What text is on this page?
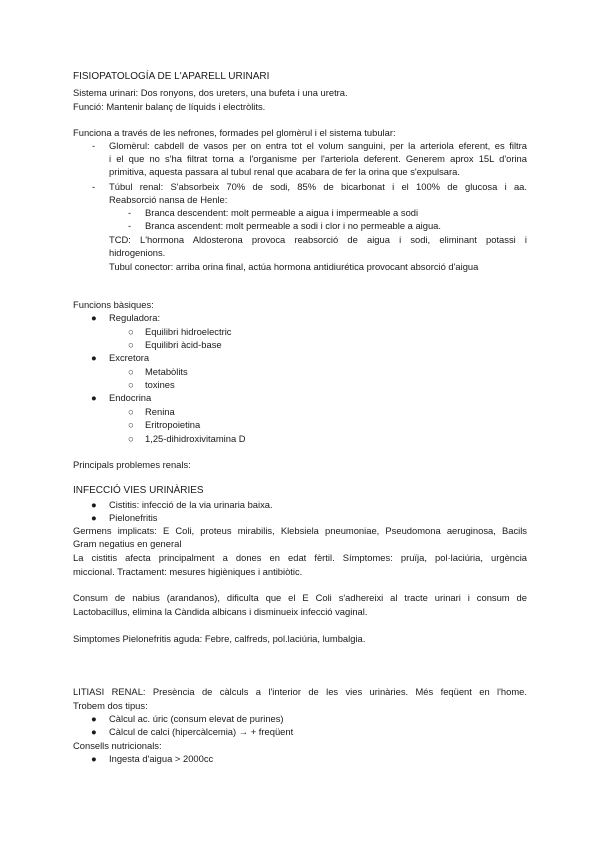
FISIOPATOLOGÍA DE L'APARELL URINARI
Sistema urinari: Dos ronyons, dos ureters, una bufeta i una uretra.
Funció: Mantenir balanç de líquids i electròlits.
Funciona a través de les nefrones, formades pel glomèrul i el sistema tubular:
- Glomèrul: cabdell de vasos per on entra tot el volum sanguini, per la arteriola eferent, es filtra
i el que no s'ha filtrat torna a l'organisme per l'arteriola deferent. Generem aprox 15L d'orina
primitiva, aquesta passara al tubul renal que acabara de fer la orina que s'expulsara.
- Túbul renal: S'absorbeix 70% de sodi, 85% de bicarbonat i el 100% de glucosa i aa.
Reabsorció nansa de Henle:
- Branca descendent: molt permeable a aigua i impermeable a sodi
- Branca ascendent: molt permeable a sodi i clor i no permeable a aigua.
TCD: L'hormona Aldosterona provoca reabsorció de aigua i sodi, eliminant potassi i
hidrogenions.
Tubul conector: arriba orina final, actúa hormona antidiurética provocant absorció d'aigua
Funcions bàsiques:
● Reguladora:
○ Equilibri hidroelectric
○ Equilibri àcid-base
● Excretora
○ Metabòlits
○ toxines
● Endocrina
○ Renina
○ Eritropoietina
○ 1,25-dihidroxivitamina D
Principals problemes renals:
INFECCIÓ VIES URINÀRIES
● Cistitis: infecció de la via urinaria baixa.
● Pielonefritis
Germens implicats: E Coli, proteus mirabilis, Klebsiela pneumoniae, Pseudomona aeruginosa, Bacils
Gram negatius en general
La cistitis afecta principalment a dones en edat fèrtil. Símptomes: pruïja, pol·laciúria, urgència
miccional. Tractament: mesures higièniques i antibiòtic.
Consum de nabius (arandanos), dificulta que el E Coli s'adhereixi al tracte urinari i consum de
Lactobacillus, elimina la Càndida albicans i disminueix infecció vaginal.
Simptomes Pielonefritis aguda: Febre, calfreds, pol.laciúria, lumbalgia.
LITIASI RENAL: Presència de càlculs a l'interior de les vies urinàries. Més feqüent en l'home.
Trobem dos tipus:
● Càlcul ac. úric (consum elevat de purines)
● Càlcul de calci (hipercàlcemia) → + freqüent
Consells nutricionals:
● Ingesta d'aigua > 2000cc
